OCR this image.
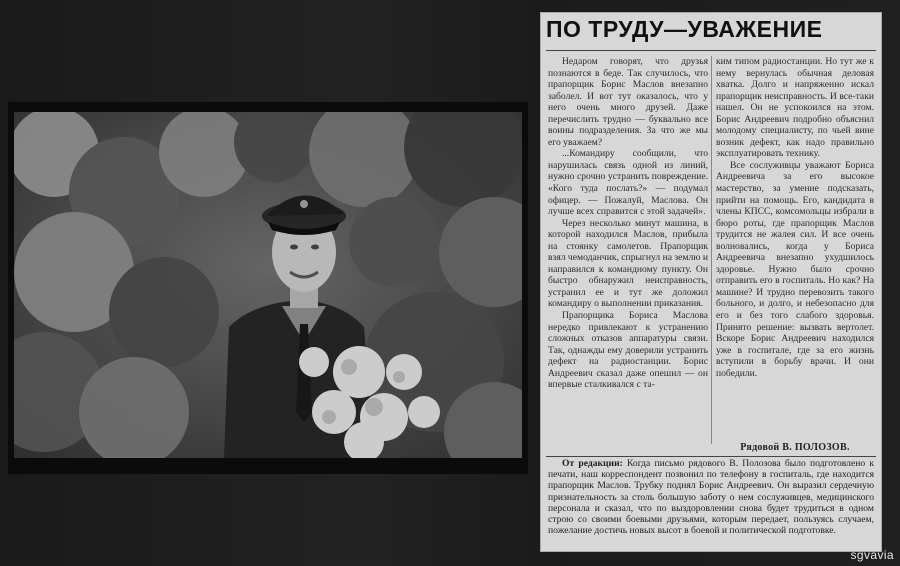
ПО ТРУДУ—УВАЖЕНИЕ

Недаром говорят, что друзья познаются в беде. Так случилось, что прапорщик Борис Маслов внезапно заболел. И вот тут оказалось, что у него очень много друзей. Даже перечислить трудно — буквально все воины подразделения. За что же мы его уважаем?

...Командиру сообщили, что нарушилась связь одной из линий, нужно срочно устранить повреждение. «Кого туда послать?» — подумал офицер. — Пожалуй, Маслова. Он лучше всех справится с этой задачей».

Через несколько минут машина, в которой находился Маслов, прибыла на стоянку самолетов. Прапорщик взял чемоданчик, спрыгнул на землю и направился к командному пункту. Он быстро обнаружил неисправность, устранил ее и тут же доложил командиру о выполнении приказания.

Прапорщика Бориса Маслова нередко привлекают к устранению сложных отказов аппаратуры связи. Так, однажды ему доверили устранить дефект на радиостанции. Борис Андреевич сказал даже опешил — он впервые сталкивался с та-

ким типом радиостанции. Но тут же к нему вернулась обычная деловая хватка. Долго и напряженно искал прапорщик неисправность. И все-таки нашел. Он не успокоился на этом. Борис Андреевич подробно объяснил молодому специалисту, по чьей вине возник дефект, как надо правильно эксплуатировать технику.

Все сослуживцы уважают Бориса Андреевича за его высокое мастерство, за умение подсказать, прийти на помощь. Его, кандидата в члены КПСС, комсомольцы избрали в бюро роты, где прапорщик Маслов трудится не жалея сил. И все очень волновались, когда у Бориса Андреевича внезапно ухудшилось здоровье. Нужно было срочно отправить его в госпиталь. Но как? На машине? И трудно перевозить такого больного, и долго, и небезопасно для его и без того слабого здоровья. Принято решение: вызвать вертолет. Вскоре Борис Андреевич находился уже в госпитале, где за его жизнь вступили в борьбу врачи. И они победили.

Рядовой В. ПОЛОЗОВ.

От редакции: Когда письмо рядового В. Полозова было подготовлено к печати, наш корреспондент позвонил по телефону в госпиталь, где находится прапорщик Маслов. Трубку поднял Борис Андреевич. Он выразил сердечную признательность за столь большую заботу о нем сослуживцев, медицинского персонала и сказал, что по выздоровлении снова будет трудиться в одном строю со своими боевыми друзьями, которым передает, пользуясь случаем, пожелание достичь новых высот в боевой и политической подготовке.

sgvavia
